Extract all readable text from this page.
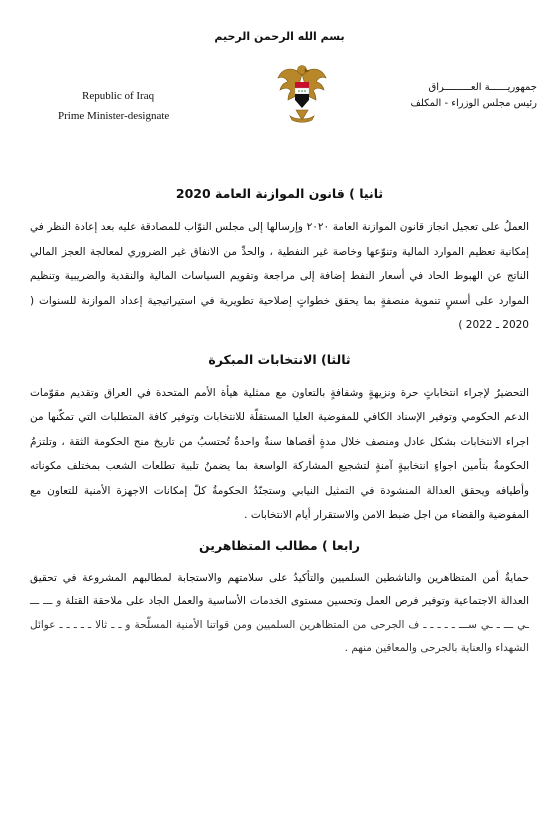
بسم الله الرحمن الرحيم
Republic of Iraq
Prime Minister-designate
جمهوريــــــة العـــــــــراق
رئيس مجلس الوزراء - المكلف
ثانيا ) قانون الموازنة العامة 2020
العملُ على تعجيل انجاز قانون الموازنة العامة ٢٠٢٠ وإرسالها إلى مجلس النوّاب للمصادقة عليه بعد إعادة النظر في إمكانية تعظيم الموارد المالية وتنوّعها وخاصة غير النفطية ، والحدِّ من الانفاق غير الضروري لمعالجة العجز المالي الناتج عن الهبوط الحاد في أسعار النفط إضافة إلى مراجعة وتقويم السياسات المالية والنقدية والضريبية وتنظيم الموارد على أسسٍ تنموية منصفةٍ بما يحقق خطواتٍ إصلاحية تطويرية في استيراتيجية إعداد الموازنة للسنوات ( 2020 ـ 2022 )
ثالثا) الانتخابات المبكرة
التحضيرُ لإجراء انتخاباتٍ حرة ونزيهةٍ وشفافةٍ بالتعاون مع ممثلية هيأة الأمم المتحدة في العراق وتقديم مقوّمات الدعم الحكومي وتوفير الإسناد الكافي للمفوضية العليا المستقلّة للانتخابات وتوفير كافة المتطلبات التي تمكّنها من اجراء الانتخابات بشكل عادل ومنصف خلال مدةٍ أقصاها سنةٌ واحدةٌ تُحتسبُ من تاريخ منح الحكومة الثقة ، وتلتزمُ الحكومةُ بتأمين اجواءٍ انتخابيةٍ آمنةٍ لتشجيع المشاركة الواسعة بما يضمنُ تلبية تطلعات الشعب بمختلف مكوناته وأطيافه ويحقق العدالة المنشودة في التمثيل النيابي وستجنّدُ الحكومةُ كلّ إمكانات الاجهزة الأمنية للتعاون مع المفوضية والقضاء من اجل ضبط الامن والاستقرار أيام الانتخابات .
رابعا ) مطالب المتظاهرين
حمايةُ أمن المتظاهرين والناشطين السلميين والتأكيدُ على سلامتهم والاستجابة لمطالبهم المشروعة في تحقيق العدالة الاجتماعية وتوفير فرص العمل وتحسين مستوى الخدمات الأساسية والعمل الجاد على ملاحقة القتلة و ـــ ـــ ـي ـــ ـ ـي ســـ ـ ـ ـ ـ ـ ف الجرحى من المتظاهرين السلميين ومن قواتنا الأمنية المسلّحة و ـ ـ ثالا ـ ـ ـ ـ ـ عوائل الشهداء والعناية بالجرحى والمعاقين منهم .
